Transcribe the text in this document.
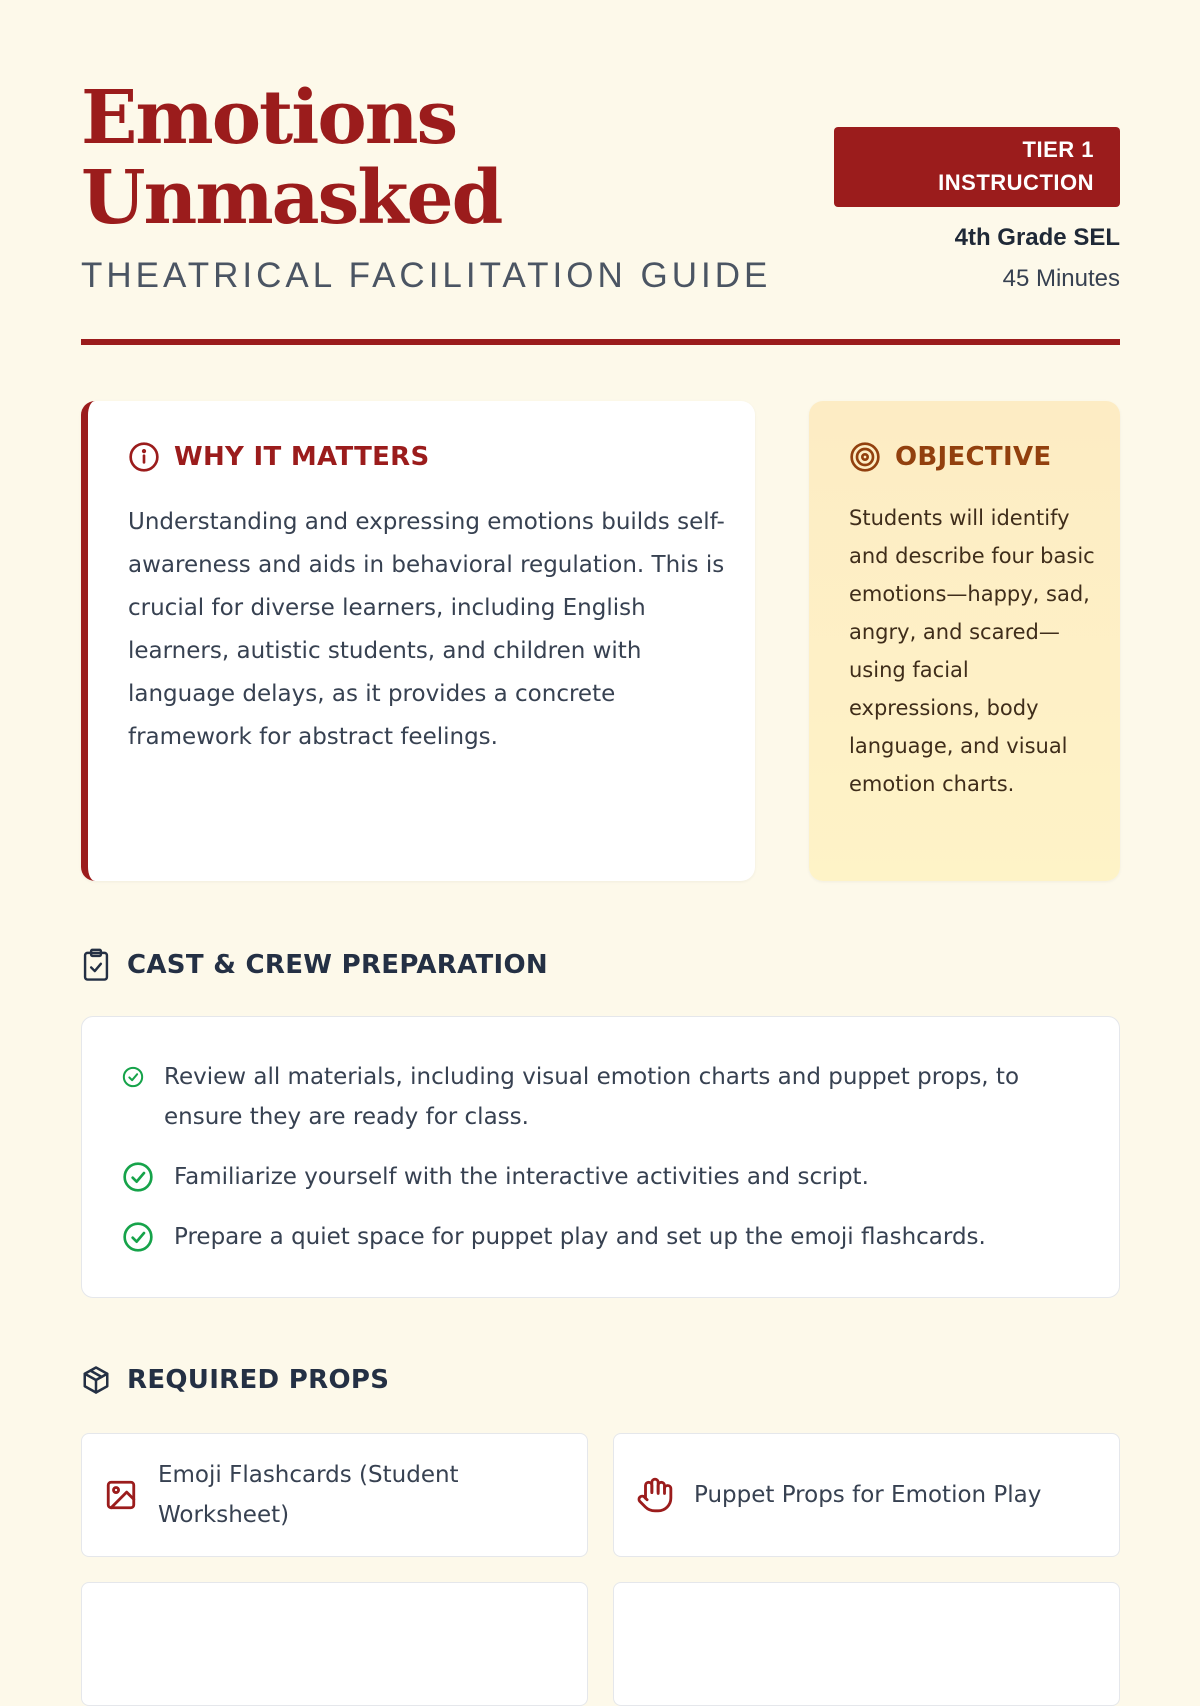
Emotions
Unmasked
THEATRICAL FACILITATION GUIDE
TIER 1
INSTRUCTION
4th Grade SEL
45 Minutes
WHY IT MATTERS

Understanding and expressing emotions builds self-awareness and aids in behavioral regulation. This is crucial for diverse learners, including English learners, autistic students, and children with language delays, as it provides a concrete framework for abstract feelings.

OBJECTIVE

Students will identify and describe four basic emotions—happy, sad, angry, and scared—using facial expressions, body language, and visual emotion charts.

CAST & CREW PREPARATION
Review all materials, including visual emotion charts and puppet props, to ensure they are ready for class.
Familiarize yourself with the interactive activities and script.
Prepare a quiet space for puppet play and set up the emoji flashcards.
REQUIRED PROPS
Emoji Flashcards (Student Worksheet)
Puppet Props for Emotion Play
